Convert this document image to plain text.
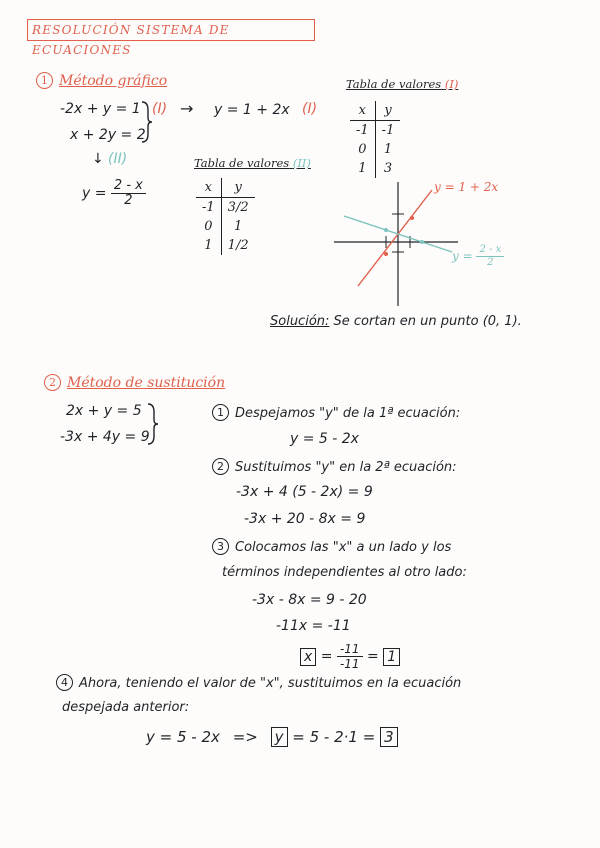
RESOLUCIÓN SISTEMA DE ECUACIONES
1 Método gráfico
-2x + y = 1
x + 2y = 2
(I) → y = 1 + 2x (I)
↓ (II)
$y = \frac{2 - x}{2}$
Tabla de valores (I)
x	y
-1	-1
0	1
1	3
Tabla de valores (II)
x	y
-1	3/2
0	1
1	1/2
y = 1 + 2x
$y = \frac{2 - x}{2}$
Solución: Se cortan en un punto (0, 1).
2 Método de sustitución
2x + y = 5
-3x + 4y = 9
1 Despejamos "y" de la 1ª ecuación:
y = 5 - 2x
2 Sustituimos "y" en la 2ª ecuación:
-3x + 4 (5 - 2x) = 9
-3x + 20 - 8x = 9
3 Colocamos las "x" a un lado y los
términos independientes al otro lado:
-3x - 8x = 9 - 20
-11x = -11
$x = \frac{-11}{-11} = 1$
4 Ahora, teniendo el valor de "x", sustituimos en la ecuación
despejada anterior:
y = 5 - 2x => y = 5 - 2·1 = 3
